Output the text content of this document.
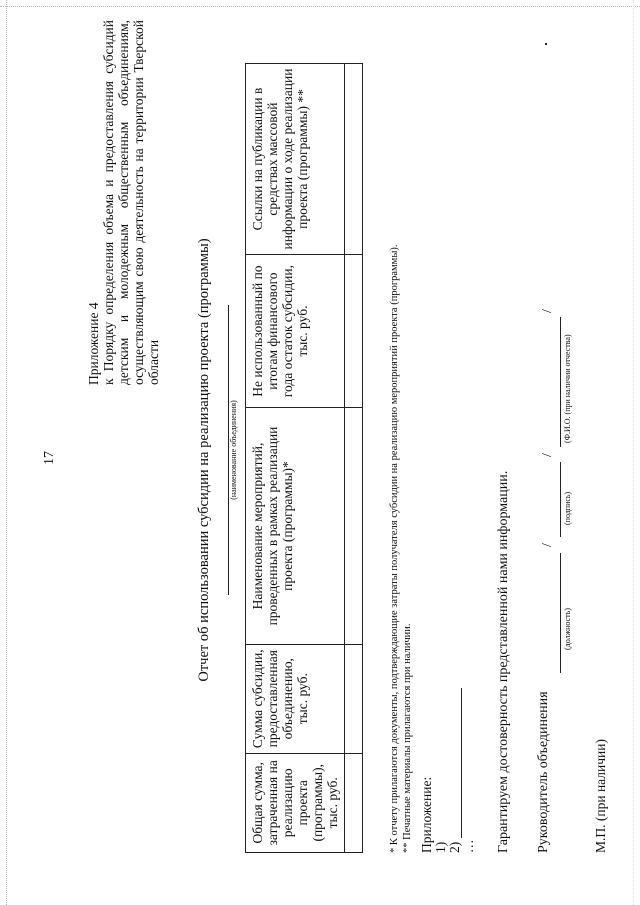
17
Приложение 4 к Порядку определения объема и предоставления субсидий детским и молодежным общественным объединениям, осуществляющим свою деятельность на территории Тверской области Отчет об использовании субсидии на реализацию проекта (программы) (наименование объединения)
Общая сумма, затраченная на реализацию проекта (программы), тыс. руб.	Сумма субсидии, предоставленная объединению, тыс. руб.	Наименование мероприятий, проведенных в рамках реализации проекта (программы)*	Не использованный по итогам финансового года остаток субсидии, тыс. руб.	Ссылки на публикации в средствах массовой информации о ходе реализации проекта (программы) **

* К отчету прилагаются документы, подтверждающие затраты получателя субсидии на реализацию мероприятий проекта (программы). ** Печатные материалы прилагаются при наличии. Приложение: 1) 2) … Гарантируем достоверность представленной нами информации. Руководитель объединения
(должность)
/
(подпись)
/
(Ф.И.О. (при наличии отчества)
/
М.П. (при наличии)
